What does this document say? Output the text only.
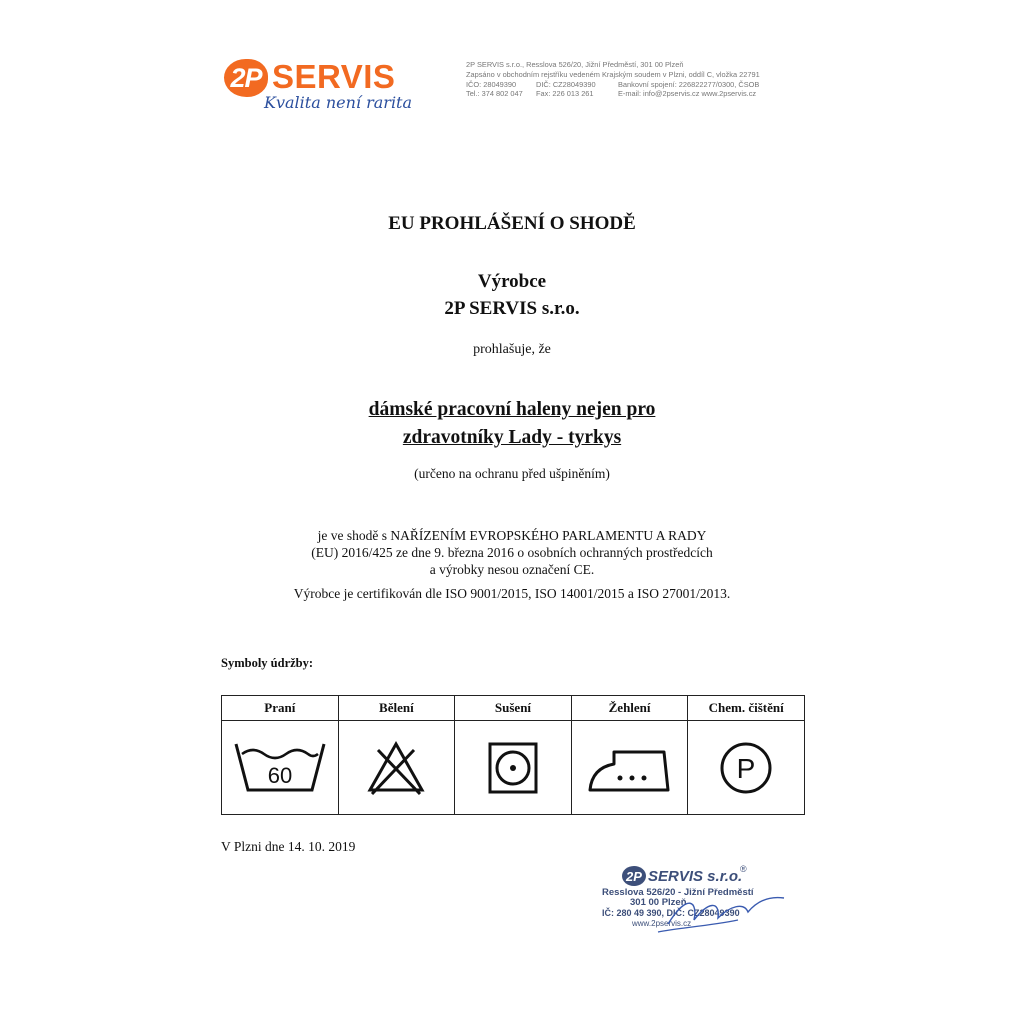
2P SERVIS
Kvalita není rarita
2P SERVIS s.r.o., Resslova 526/20, Jižní Předměstí, 301 00 Plzeň
Zapsáno v obchodním rejstříku vedeném Krajským soudem v Plzni, oddíl C, vložka 22791
IČO: 28049390	DIČ: CZ28049390	Bankovní spojení: 226822277/0300, ČSOB
Tel.: 374 802 047 Fax: 226 013 261	E-mail: info@2pservis.cz www.2pservis.cz
EU PROHLÁŠENÍ O SHODĚ
Výrobce
2P SERVIS s.r.o.
prohlašuje, že
dámské pracovní haleny nejen pro
zdravotníky Lady - tyrkys
(určeno na ochranu před ušpiněním)
je ve shodě s NAŘÍZENÍM EVROPSKÉHO PARLAMENTU A RADY
(EU) 2016/425 ze dne 9. března 2016 o osobních ochranných prostředcích
a výrobky nesou označení CE.
Výrobce je certifikován dle ISO 9001/2015, ISO 14001/2015 a ISO 27001/2013.
Symboly údržby:
Praní	Bělení	Sušení	Žehlení	Chem. čištění

60				P
V Plzni dne 14. 10. 2019
2P SERVIS s.r.o.
®
Resslova 526/20 - Jižní Předměstí
301 00 Plzeň
IČ: 280 49 390, DIČ: CZ28049390
www.2pservis.cz
